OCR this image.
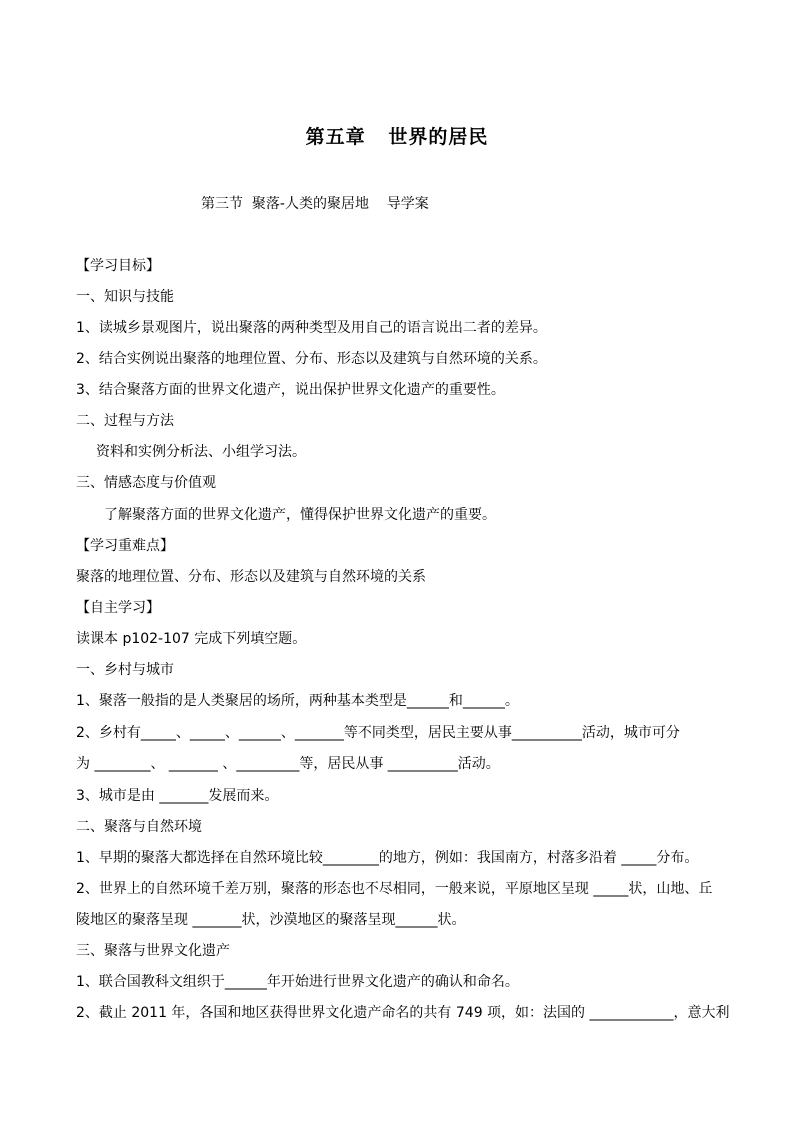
第五章   世界的居民
第三节  聚落-人类的聚居地    导学案
【学习目标】
一、知识与技能
1、读城乡景观图片，说出聚落的两种类型及用自己的语言说出二者的差异。
2、结合实例说出聚落的地理位置、分布、形态以及建筑与自然环境的关系。
3、结合聚落方面的世界文化遗产，说出保护世界文化遗产的重要性。
二、过程与方法
资料和实例分析法、小组学习法。
三、情感态度与价值观
了解聚落方面的世界文化遗产，懂得保护世界文化遗产的重要。
【学习重难点】
聚落的地理位置、分布、形态以及建筑与自然环境的关系
【自主学习】
读课本 p102-107 完成下列填空题。
一、乡村与城市
1、聚落一般指的是人类聚居的场所，两种基本类型是______和______。
2、乡村有_____、_____、______、_______等不同类型，居民主要从事__________活动，城市可分
为 ________、 _______ 、_________等，居民从事 __________活动。
3、城市是由 _______发展而来。
二、聚落与自然环境
1、早期的聚落大都选择在自然环境比较________的地方，例如：我国南方，村落多沿着 _____分布。
2、世界上的自然环境千差万别，聚落的形态也不尽相同，一般来说，平原地区呈现 _____状，山地、丘
陵地区的聚落呈现 _______状，沙漠地区的聚落呈现______状。
三、聚落与世界文化遗产
1、联合国教科文组织于______年开始进行世界文化遗产的确认和命名。
2、截止 2011 年，各国和地区获得世界文化遗产命名的共有 749 项，如：法国的 ____________，意大利
